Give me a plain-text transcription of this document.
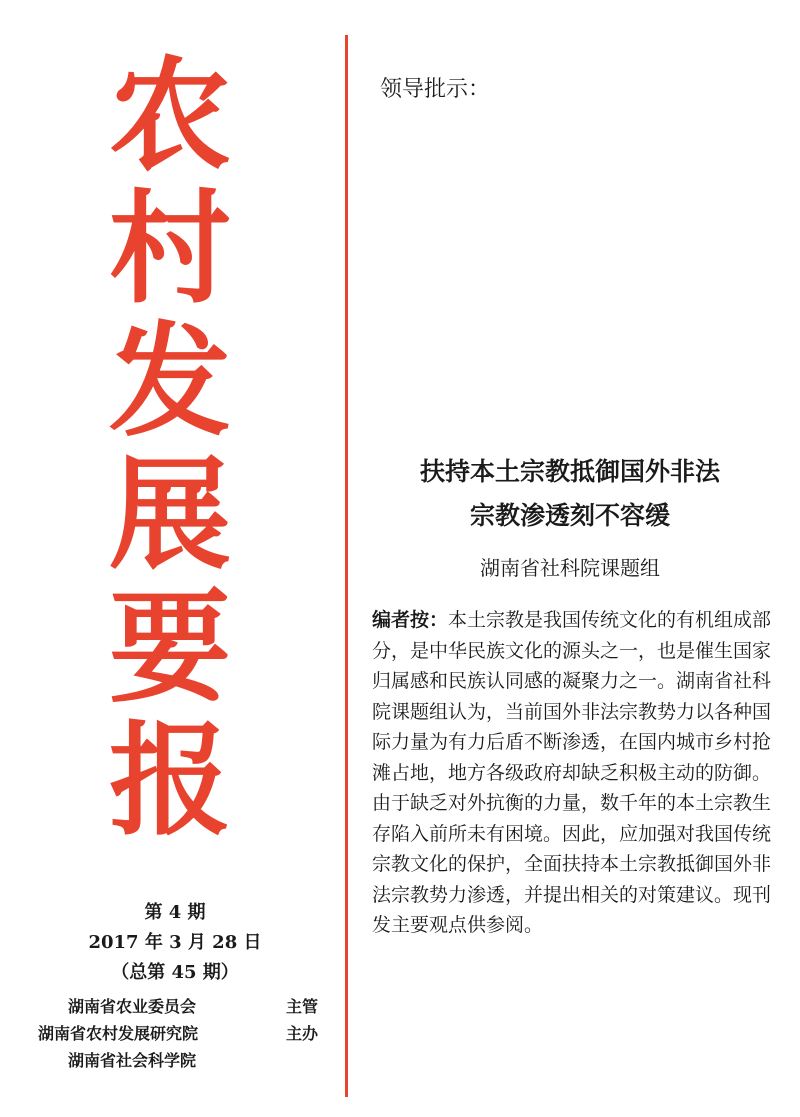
农
村
发
展
要
报
第 4 期
2017 年 3 月 28 日
（总第 45 期）
湖南省农业委员会	主管
湖南省农村发展研究院	主办
湖南省社会科学院

领导批示：

扶持本土宗教抵御国外非法
宗教渗透刻不容缓

湖南省社科院课题组

编者按：本土宗教是我国传统文化的有机组成部分，是中华民族文化的源头之一，也是催生国家归属感和民族认同感的凝聚力之一。湖南省社科院课题组认为，当前国外非法宗教势力以各种国际力量为有力后盾不断渗透，在国内城市乡村抢滩占地，地方各级政府却缺乏积极主动的防御。由于缺乏对外抗衡的力量，数千年的本土宗教生存陷入前所未有困境。因此，应加强对我国传统宗教文化的保护，全面扶持本土宗教抵御国外非法宗教势力渗透，并提出相关的对策建议。现刊发主要观点供参阅。
